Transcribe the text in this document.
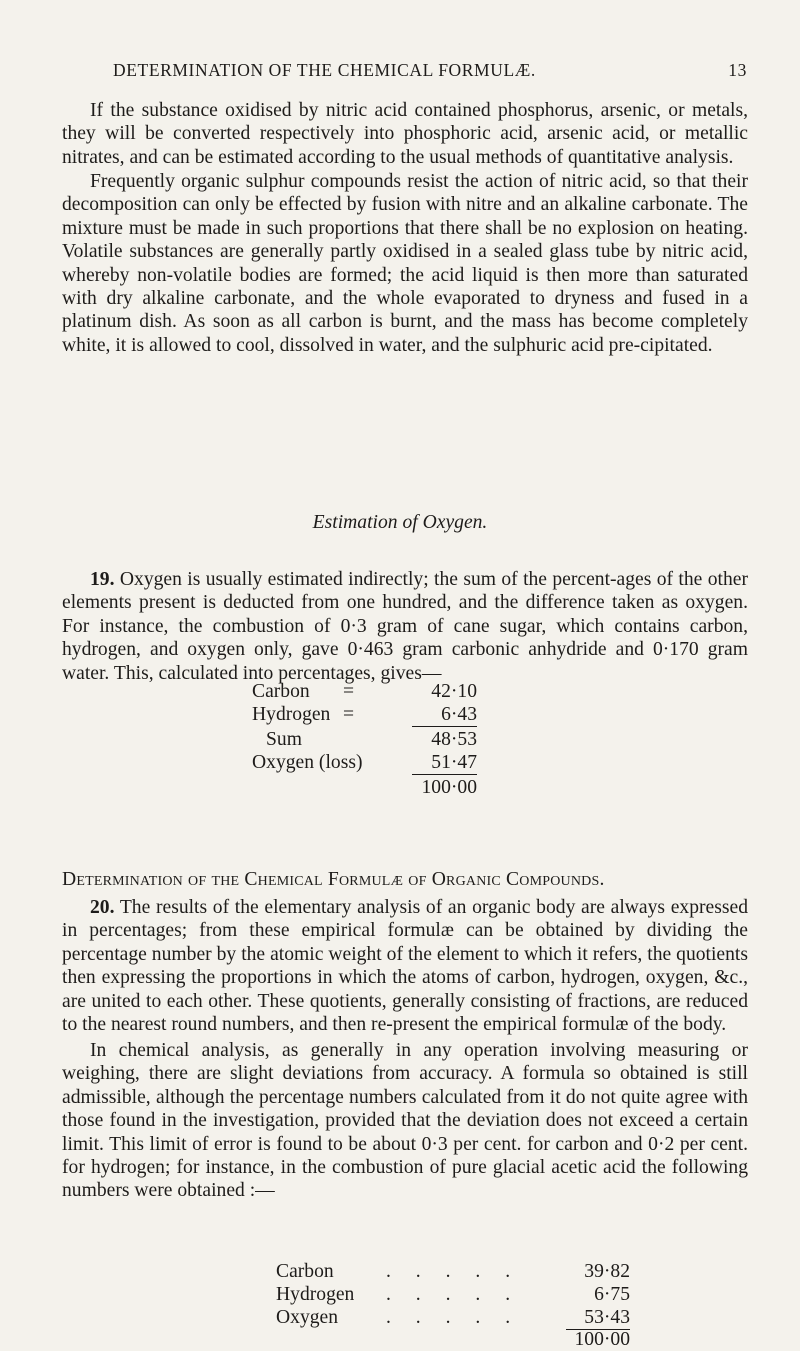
DETERMINATION OF THE CHEMICAL FORMULÆ.	13

If the substance oxidised by nitric acid contained phosphorus, arsenic, or metals, they will be converted respectively into phosphoric acid, arsenic acid, or metallic nitrates, and can be estimated according to the usual methods of quantitative analysis.

Frequently organic sulphur compounds resist the action of nitric acid, so that their decomposition can only be effected by fusion with nitre and an alkaline carbonate. The mixture must be made in such proportions that there shall be no explosion on heating. Volatile substances are generally partly oxidised in a sealed glass tube by nitric acid, whereby non-volatile bodies are formed; the acid liquid is then more than saturated with dry alkaline carbonate, and the whole evaporated to dryness and fused in a platinum dish. As soon as all carbon is burnt, and the mass has become completely white, it is allowed to cool, dissolved in water, and the sulphuric acid pre-cipitated.

Estimation of Oxygen.

19. Oxygen is usually estimated indirectly; the sum of the percent-ages of the other elements present is deducted from one hundred, and the difference taken as oxygen. For instance, the combustion of 0·3 gram of cane sugar, which contains carbon, hydrogen, and oxygen only, gave 0·463 gram carbonic anhydride and 0·170 gram water. This, calculated into percentages, gives—

Carbon =	42·10
Hydrogen =	6·43
Sum	48·53
Oxygen (loss)	51·47
100·00
Determination of the Chemical Formulæ of Organic Compounds.

20. The results of the elementary analysis of an organic body are always expressed in percentages; from these empirical formulæ can be obtained by dividing the percentage number by the atomic weight of the element to which it refers, the quotients then expressing the proportions in which the atoms of carbon, hydrogen, oxygen, &c., are united to each other. These quotients, generally consisting of fractions, are reduced to the nearest round numbers, and then re-present the empirical formulæ of the body.

In chemical analysis, as generally in any operation involving measuring or weighing, there are slight deviations from accuracy. A formula so obtained is still admissible, although the percentage numbers calculated from it do not quite agree with those found in the investigation, provided that the deviation does not exceed a certain limit. This limit of error is found to be about 0·3 per cent. for carbon and 0·2 per cent. for hydrogen; for instance, in the combustion of pure glacial acetic acid the following numbers were obtained :—

Carbon	. . . . .	39·82
Hydrogen . . . . .	6·75
Oxygen . . . . .	53·43
100·00
